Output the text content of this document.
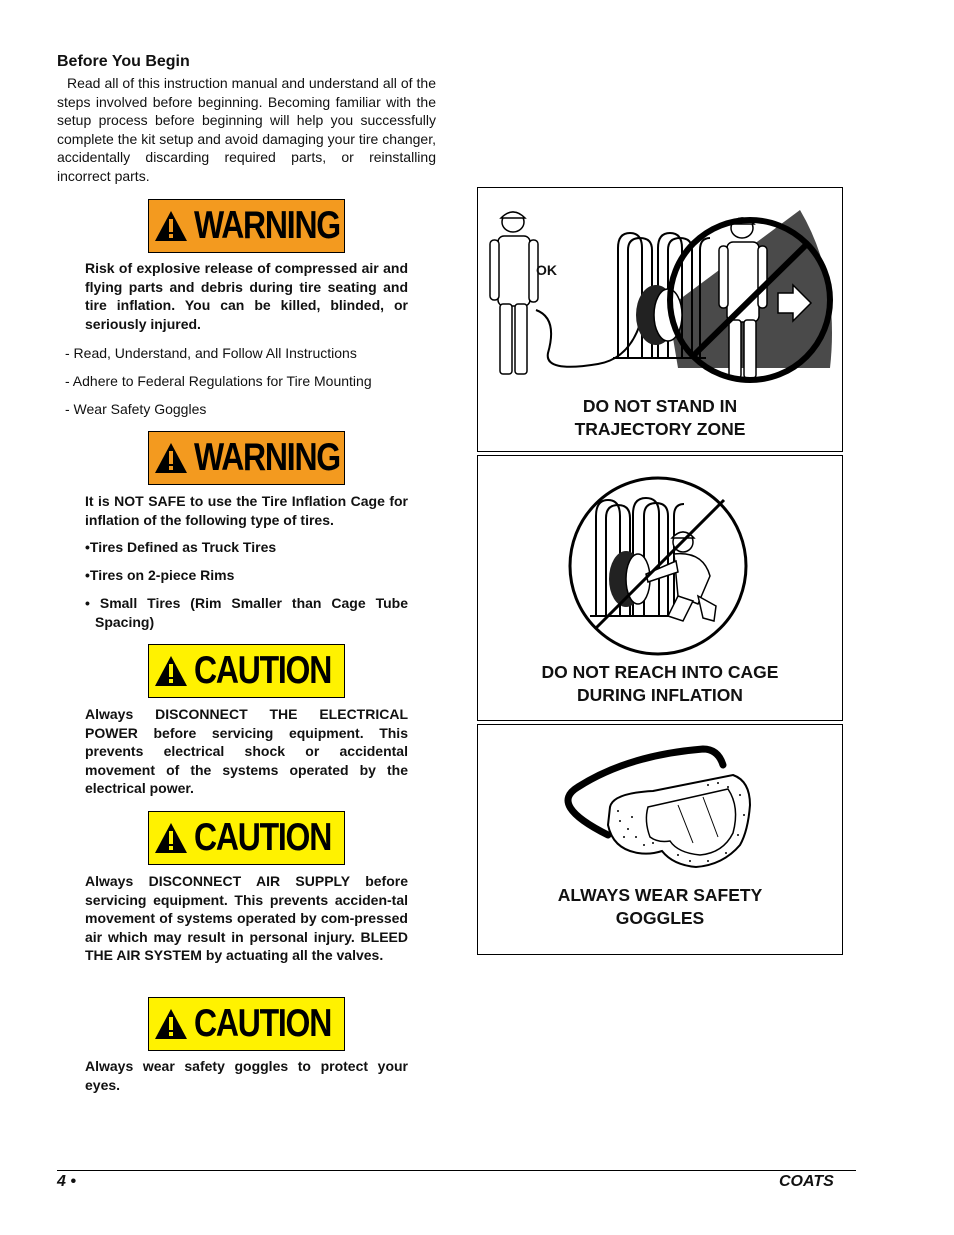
Before You Begin
Read all of this instruction manual and understand all of the steps involved before beginning. Becoming familiar with the setup process before beginning will help you successfully complete the kit setup and avoid damaging your tire changer, accidentally discarding required parts, or reinstalling incorrect parts.
WARNING
Risk of explosive release of compressed air and flying parts and debris during tire seating and tire inflation. You can be killed, blinded, or seriously injured.
- Read, Understand, and Follow All Instructions
- Adhere to Federal Regulations for Tire Mounting
- Wear Safety Goggles
WARNING
It is NOT SAFE to use the Tire Inflation Cage for inflation of the following type of tires.
•Tires Defined as Truck Tires
•Tires on 2-piece Rims
• Small Tires (Rim Smaller than Cage Tube Spacing)
CAUTION
Always DISCONNECT THE ELECTRICAL POWER before servicing equipment. This prevents electrical shock or accidental movement of the systems operated by the electrical power.
CAUTION
Always DISCONNECT AIR SUPPLY before servicing equipment. This prevents acciden-tal movement of systems operated by com-pressed air which may result in personal injury. BLEED THE AIR SYSTEM by actuating all the valves.
CAUTION
Always wear safety goggles to protect your eyes.
OK
DO NOT STAND IN
TRAJECTORY ZONE
DO NOT REACH INTO CAGE
DURING INFLATION
ALWAYS WEAR SAFETY
GOGGLES
4 •	COATS
